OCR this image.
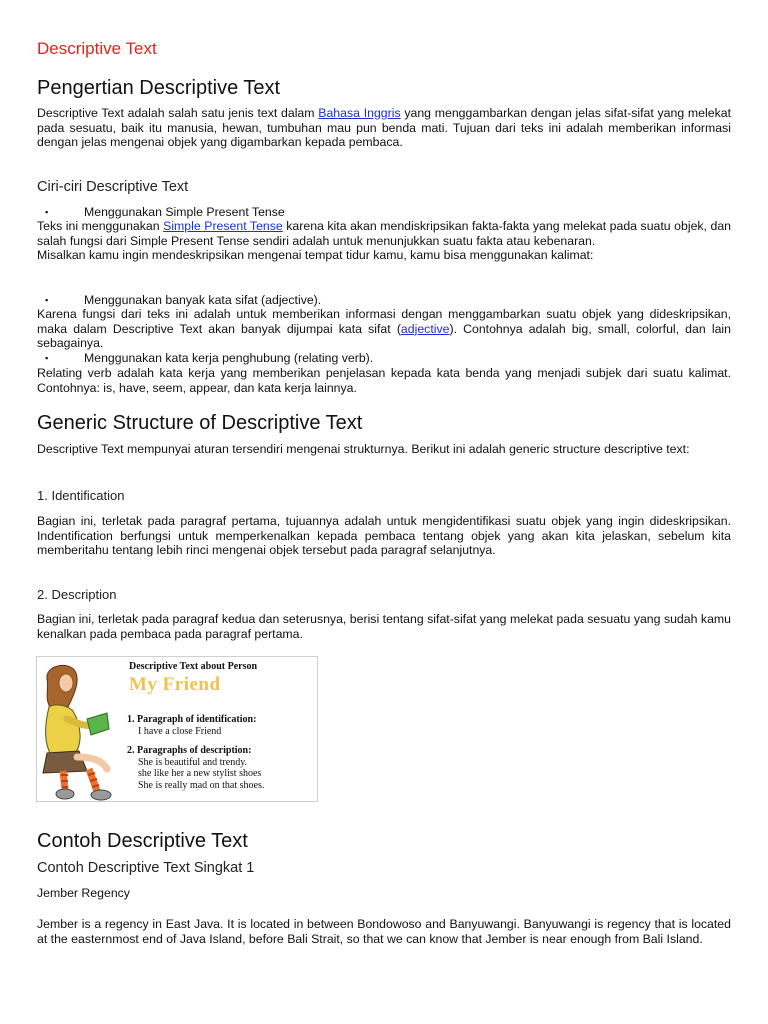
Descriptive Text
Pengertian Descriptive Text

Descriptive Text adalah salah satu jenis text dalam Bahasa Inggris yang menggambarkan dengan jelas sifat-sifat yang melekat pada sesuatu, baik itu manusia, hewan, tumbuhan mau pun benda mati. Tujuan dari teks ini adalah memberikan informasi dengan jelas mengenai objek yang digambarkan kepada pembaca.

Ciri-ciri Descriptive Text
▪	Menggunakan Simple Present Tense

Teks ini menggunakan Simple Present Tense karena kita akan mendiskripsikan fakta-fakta yang melekat pada suatu objek, dan salah fungsi dari Simple Present Tense sendiri adalah untuk menunjukkan suatu fakta atau kebenaran.
Misalkan kamu ingin mendeskripsikan mengenai tempat tidur kamu, kamu bisa menggunakan kalimat:

▪	Menggunakan banyak kata sifat (adjective).

Karena fungsi dari teks ini adalah untuk memberikan informasi dengan menggambarkan suatu objek yang dideskripsikan, maka dalam Descriptive Text akan banyak dijumpai kata sifat (adjective). Contohnya adalah big, small, colorful, dan lain sebagainya.

▪	Menggunakan kata kerja penghubung (relating verb).

Relating verb adalah kata kerja yang memberikan penjelasan kepada kata benda yang menjadi subjek dari suatu kalimat. Contohnya: is, have, seem, appear, dan kata kerja lainnya.

Generic Structure of Descriptive Text

Descriptive Text mempunyai aturan tersendiri mengenai strukturnya. Berikut ini adalah generic structure descriptive text:

1. Identification

Bagian ini, terletak pada paragraf pertama, tujuannya adalah untuk mengidentifikasi suatu objek yang ingin dideskripsikan. Indentification berfungsi untuk memperkenalkan kepada pembaca tentang objek yang akan kita jelaskan, sebelum kita memberitahu tentang lebih rinci mengenai objek tersebut pada paragraf selanjutnya.

2. Description

Bagian ini, terletak pada paragraf kedua dan seterusnya, berisi tentang sifat-sifat yang melekat pada sesuatu yang sudah kamu kenalkan pada pembaca pada paragraf pertama.

Descriptive Text about Person
My Friend
1. Paragraph of identification:
I have a close Friend
2. Paragraphs of description:
She is beautiful and trendy.
she like her a new stylist shoes
She is really mad on that shoes.
Contoh Descriptive Text
Contoh Descriptive Text Singkat 1

Jember Regency

Jember is a regency in East Java. It is located in between Bondowoso and Banyuwangi. Banyuwangi is regency that is located at the easternmost end of Java Island, before Bali Strait, so that we can know that Jember is near enough from Bali Island.
